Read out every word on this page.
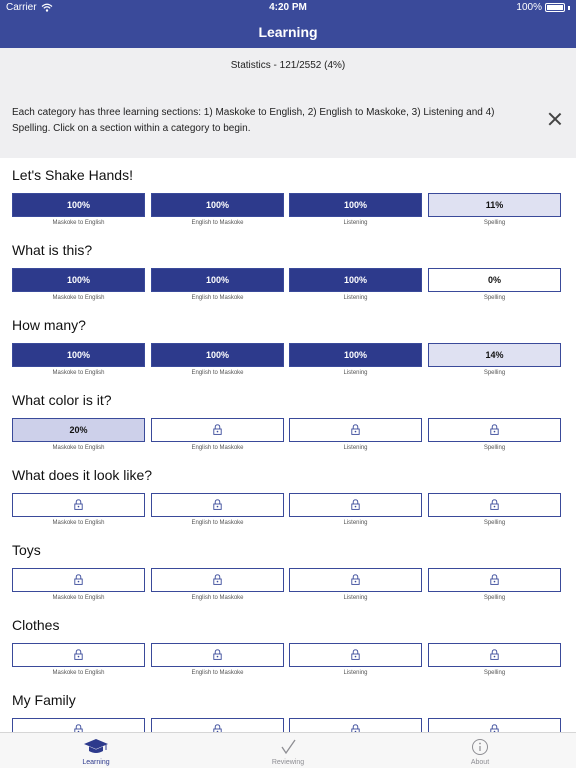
Carrier	4:20 PM	100%
Learning
Statistics - 121/2552 (4%)
Each category has three learning sections: 1) Maskoke to English, 2) English to Maskoke, 3) Listening and 4) Spelling. Click on a section within a category to begin.
Let's Shake Hands!
100%
Maskoke to English
100%
English to Maskoke
100%
Listening
11%
Spelling
What is this?
100%
Maskoke to English
100%
English to Maskoke
100%
Listening
0%
Spelling
How many?
100%
Maskoke to English
100%
English to Maskoke
100%
Listening
14%
Spelling
What color is it?
20%
Maskoke to English	English to Maskoke	Listening	Spelling
What does it look like?
Maskoke to English	English to Maskoke	Listening	Spelling
Toys
Maskoke to English	English to Maskoke	Listening	Spelling
Clothes
Maskoke to English	English to Maskoke	Listening	Spelling
My Family
Learning	Reviewing	About
